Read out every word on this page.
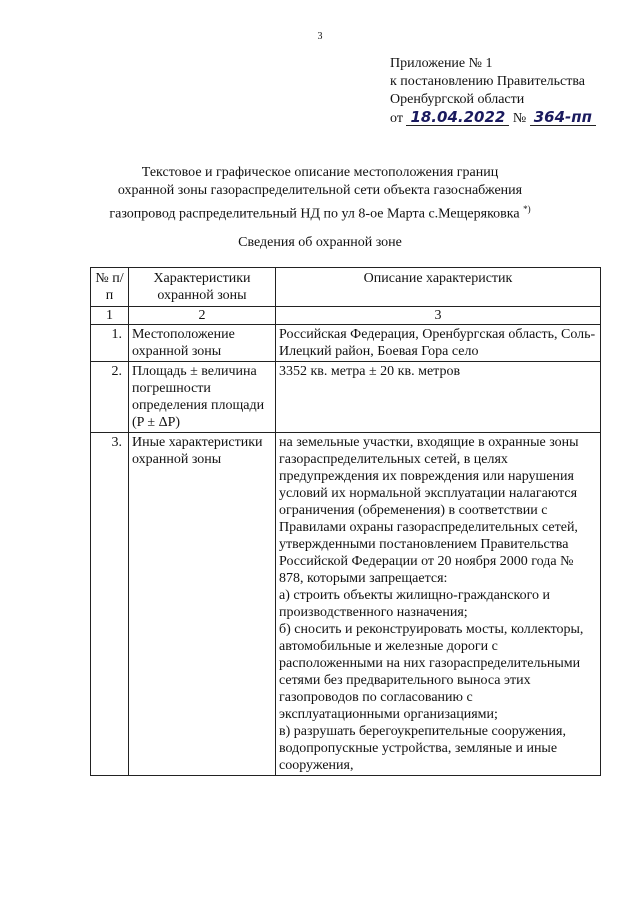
3
Приложение № 1
к постановлению Правительства
Оренбургской области
от 18.04.2022 № 364-пп
Текстовое и графическое описание местоположения границ
охранной зоны газораспределительной сети объекта газоснабжения
газопровод распределительный НД по ул 8-ое Марта с.Мещеряковка *)
Сведения об охранной зоне
№ п/п	Характеристики охранной зоны	Описание характеристик
1	2	3
1.	Местоположение охранной зоны	Российская Федерация, Оренбургская область, Соль-Илецкий район, Боевая Гора село
2.	Площадь ± величина погрешности определения площади (P ± ΔP)	3352 кв. метра ± 20 кв. метров
3.	Иные характеристики охранной зоны	на земельные участки, входящие в охранные зоны газораспределительных сетей, в целях предупреждения их повреждения или нарушения условий их нормальной эксплуатации налагаются ограничения (обременения) в соответствии с Правилами охраны газораспределительных сетей, утвержденными постановлением Правительства Российской Федерации от 20 ноября 2000 года № 878, которыми запрещается:
а) строить объекты жилищно-гражданского и производственного назначения;
б) сносить и реконструировать мосты, коллекторы, автомобильные и железные дороги с расположенными на них газораспределительными сетями без предварительного выноса этих газопроводов по согласованию с эксплуатационными организациями;
в) разрушать берегоукрепительные сооружения, водопропускные устройства, земляные и иные сооружения,
